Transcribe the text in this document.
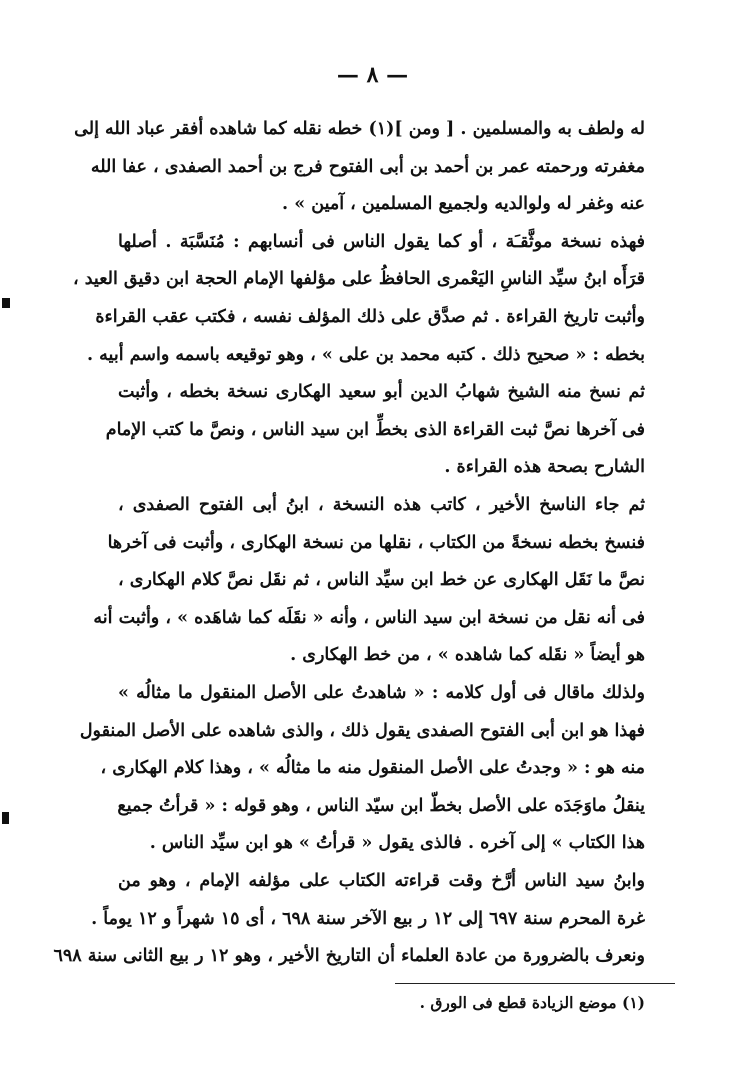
— ٨ —
له ولطف به والمسلمين . [ ومن ](١) خطه نقله كما شاهده أفقر عباد الله إلى
مغفرته ورحمته عمر بن أحمد بن أبى الفتوح فرج بن أحمد الصفدى ، عفا الله
عنه وغفر له ولوالديه ولجميع المسلمين ، آمين » .
فهذه نسخة موثَّقـَة ، أو كما يقول الناس فى أنسابهم : مُنَسَّبَة . أصلها
قرَأَه ابنُ سيِّد الناسِ اليَعْمرى الحافظُ على مؤلفها الإمام الحجة ابن دقيق العيد ،
وأثبت تاريخ القراءة . ثم صدَّق على ذلك المؤلف نفسه ، فكتب عقب القراءة
بخطه : « صحيح ذلك . كتبه محمد بن على » ، وهو توقيعه باسمه واسم أبيه .
ثم نسخ منه الشيخ شهابُ الدين أبو سعيد الهكارى نسخة بخطه ، وأثبت
فى آخرها نصَّ ثبت القراءة الذى بخطِّ ابن سيد الناس ، ونصَّ ما كتب الإمام
الشارح بصحة هذه القراءة .
ثم جاء الناسخ الأخير ، كاتب هذه النسخة ، ابنُ أبى الفتوح الصفدى ،
فنسخ بخطه نسخةً من الكتاب ، نقلها من نسخة الهكارى ، وأثبت فى آخرها
نصَّ ما نَقَل الهكارى عن خط ابن سيِّد الناس ، ثم نقَل نصَّ كلام الهكارى ،
فى أنه نقل من نسخة ابن سيد الناس ، وأنه « نقَلَه كما شاهَده » ، وأثبت أنه
هو أيضاً « نقَله كما شاهده » ، من خط الهكارى .
ولذلك ماقال فى أول كلامه : « شاهدتُ على الأصل المنقول ما مثالُه »
فهذا هو ابن أبى الفتوح الصفدى يقول ذلك ، والذى شاهده على الأصل المنقول
منه هو : « وجدتُ على الأصل المنقول منه ما مثالُه » ، وهذا كلام الهكارى ،
ينقلُ ماوَجَدَه على الأصل بخطّ ابن سيّد الناس ، وهو قوله : « قرأتُ جميع
هذا الكتاب » إلى آخره . فالذى يقول « قرأتُ » هو ابن سيِّد الناس .
وابنُ سيد الناس أرَّخ وقت قراءته الكتاب على مؤلفه الإمام ، وهو من
غرة المحرم سنة ٦٩٧ إلى ١٢ ر بيع الآخر سنة ٦٩٨ ، أى ١٥ شهراً و ١٢ يوماً .
ونعرف بالضرورة من عادة العلماء أن التاريخ الأخير ، وهو ١٢ ر بيع الثانى سنة ٦٩٨
(١) موضع الزيادة قطع فى الورق .
